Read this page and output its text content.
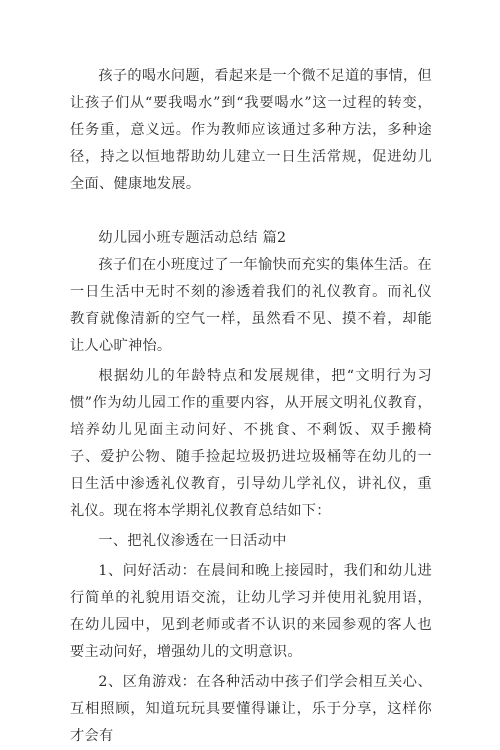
孩子的喝水问题，看起来是一个微不足道的事情，但让孩子们从“要我喝水”到“我要喝水”这一过程的转变，任务重，意义远。作为教师应该通过多种方法，多种途径，持之以恒地帮助幼儿建立一日生活常规，促进幼儿全面、健康地发展。

幼儿园小班专题活动总结 篇2

孩子们在小班度过了一年愉快而充实的集体生活。在一日生活中无时不刻的渗透着我们的礼仪教育。而礼仪教育就像清新的空气一样，虽然看不见、摸不着，却能让人心旷神怡。

根据幼儿的年龄特点和发展规律，把“文明行为习惯”作为幼儿园工作的重要内容，从开展文明礼仪教育，培养幼儿见面主动问好、不挑食、不剩饭、双手搬椅子、爱护公物、随手捡起垃圾扔进垃圾桶等在幼儿的一日生活中渗透礼仪教育，引导幼儿学礼仪，讲礼仪，重礼仪。现在将本学期礼仪教育总结如下：

一、把礼仪渗透在一日活动中

1、问好活动：在晨间和晚上接园时，我们和幼儿进行简单的礼貌用语交流，让幼儿学习并使用礼貌用语，在幼儿园中，见到老师或者不认识的来园参观的客人也要主动问好，增强幼儿的文明意识。

2、区角游戏：在各种活动中孩子们学会相互关心、互相照顾，知道玩玩具要懂得谦让，乐于分享，这样你才会有
